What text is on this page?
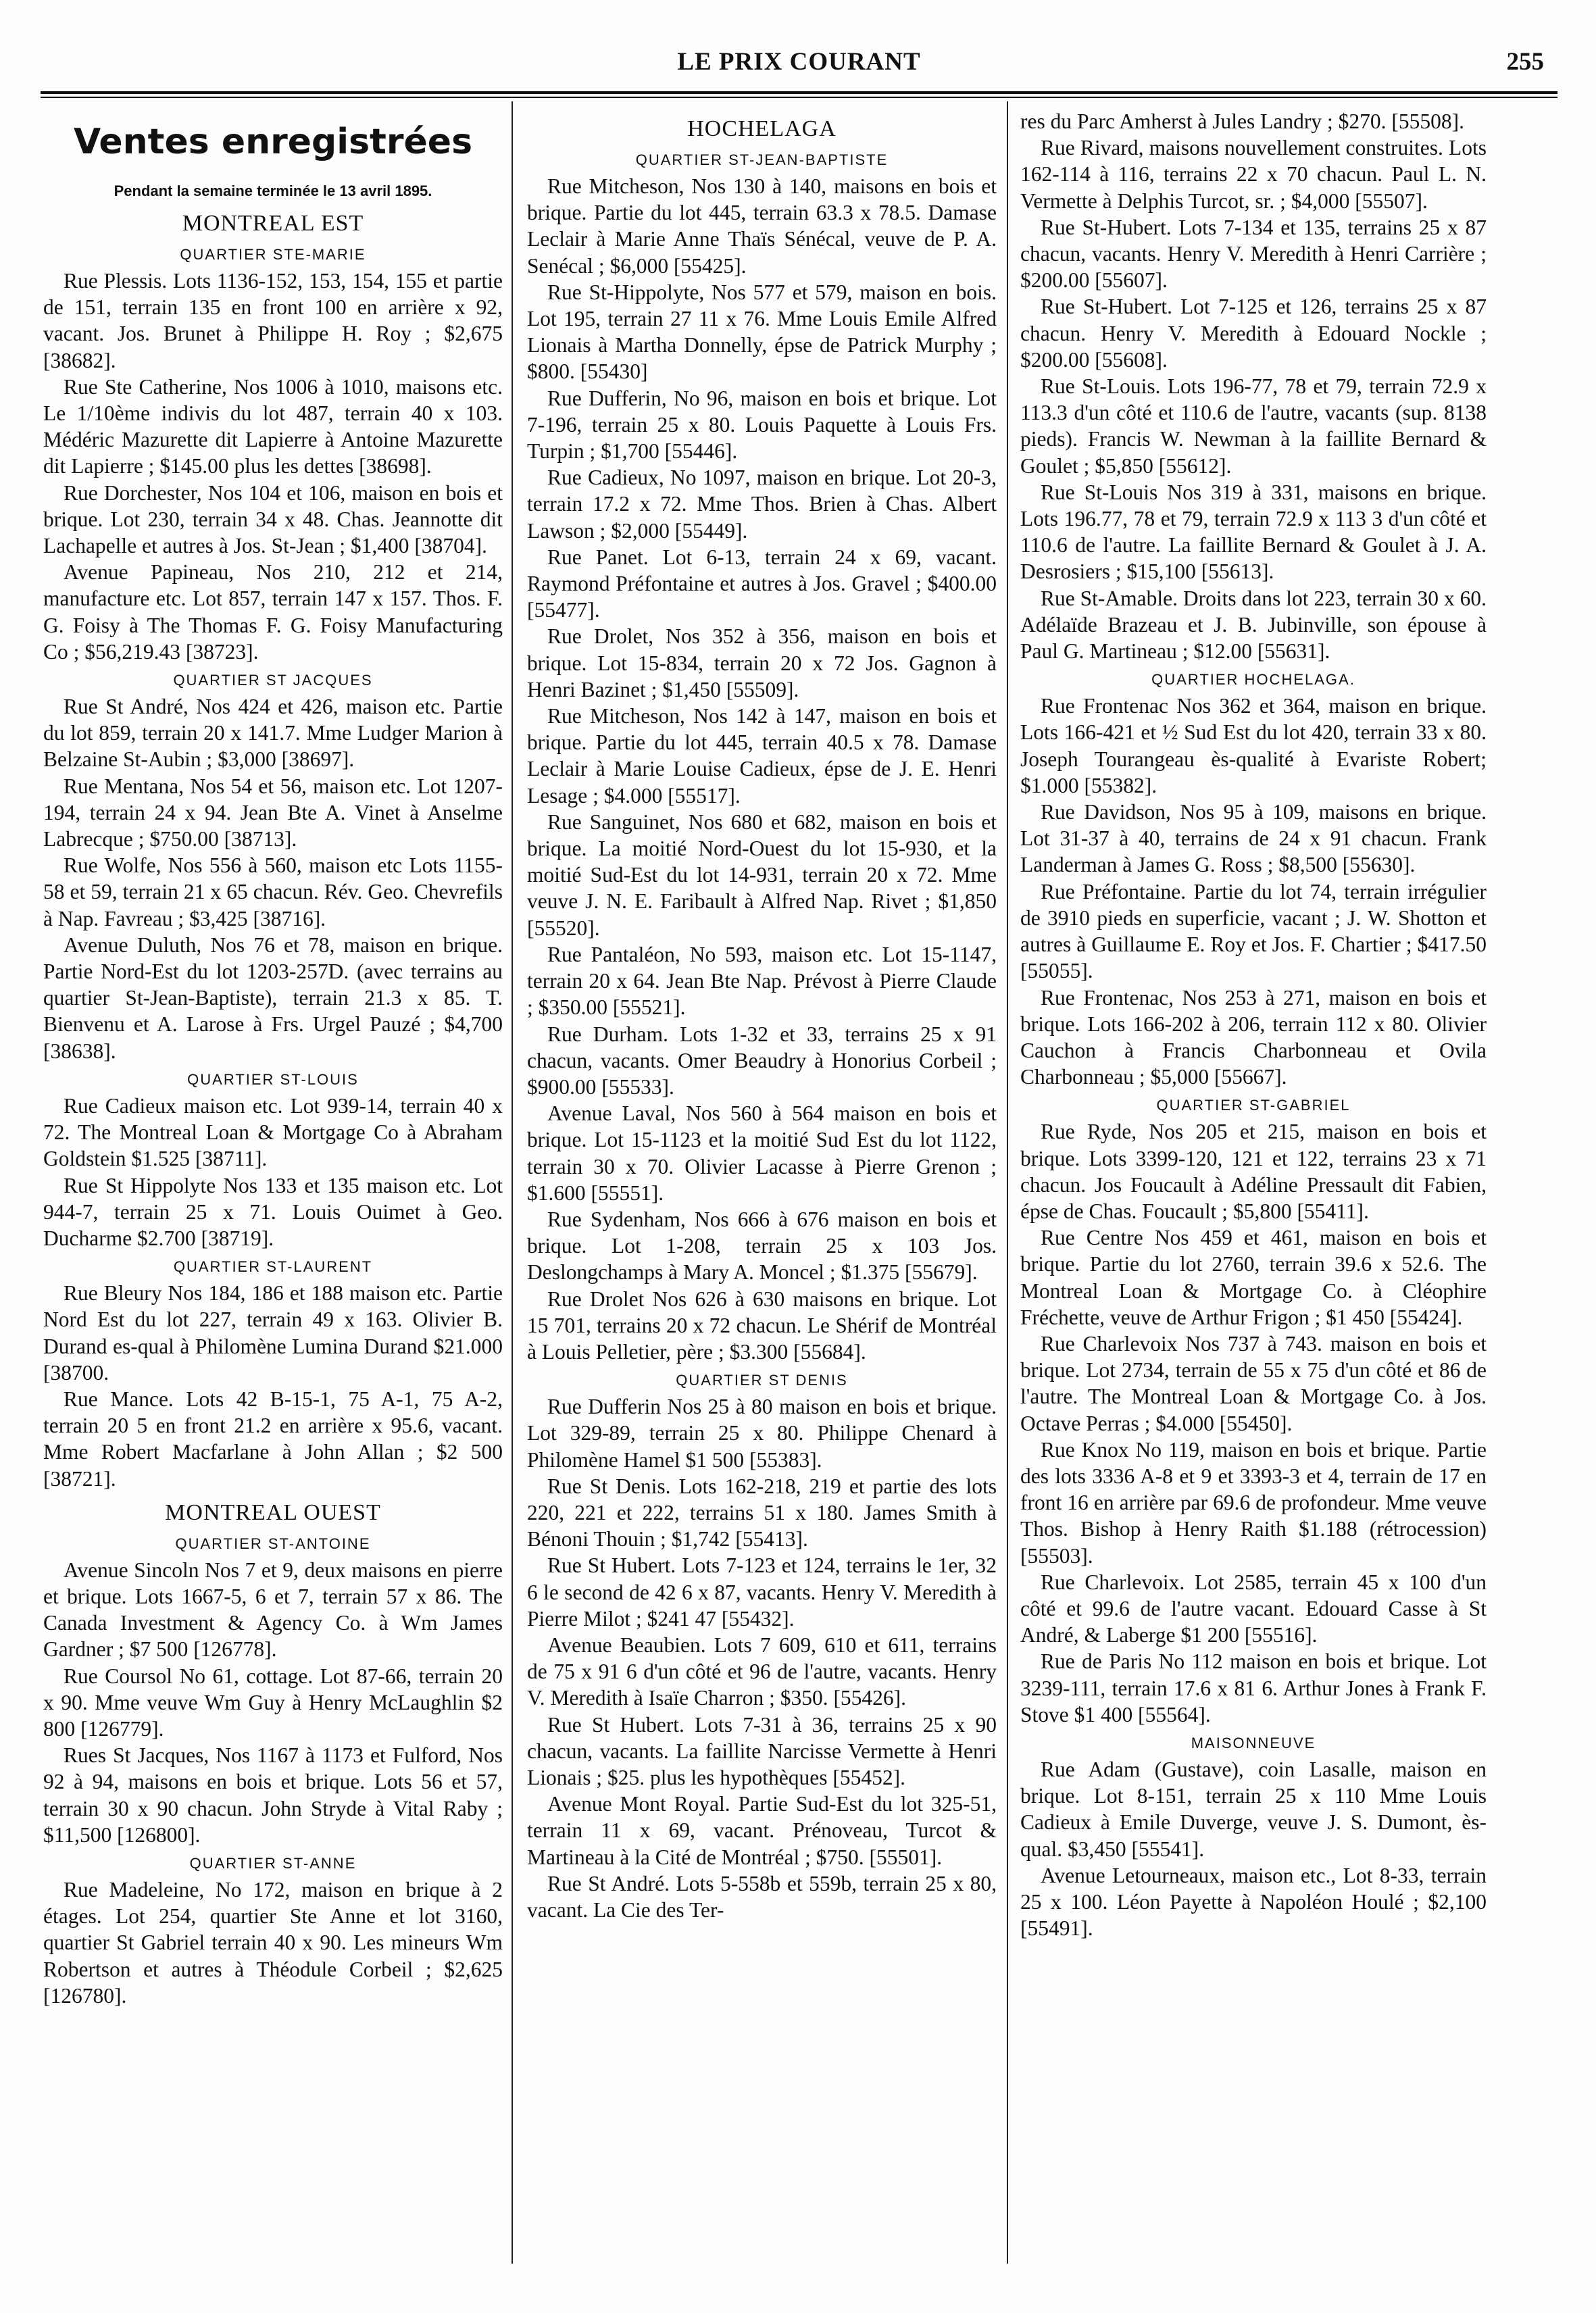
LE PRIX COURANT	255
Ventes enregistrées
Pendant la semaine terminée le 13 avril 1895.
MONTREAL EST
QUARTIER STE-MARIE
Rue Plessis. Lots 1136-152, 153, 154, 155 et partie de 151, terrain 135 en front 100 en arrière x 92, vacant. Jos. Brunet à Philippe H. Roy ; $2,675 [38682].
Rue Ste Catherine, Nos 1006 à 1010, maisons etc. Le 1/10ème indivis du lot 487, terrain 40 x 103. Médéric Mazurette dit Lapierre à Antoine Mazurette dit Lapierre ; $145.00 plus les dettes [38698].
Rue Dorchester, Nos 104 et 106, maison en bois et brique. Lot 230, terrain 34 x 48. Chas. Jeannotte dit Lachapelle et autres à Jos. St-Jean ; $1,400 [38704].
Avenue Papineau, Nos 210, 212 et 214, manufacture etc. Lot 857, terrain 147 x 157. Thos. F. G. Foisy à The Thomas F. G. Foisy Manufacturing Co ; $56,219.43 [38723].
QUARTIER ST JACQUES
Rue St André, Nos 424 et 426, maison etc. Partie du lot 859, terrain 20 x 141.7. Mme Ludger Marion à Belzaine St-Aubin ; $3,000 [38697].
Rue Mentana, Nos 54 et 56, maison etc. Lot 1207-194, terrain 24 x 94. Jean Bte A. Vinet à Anselme Labrecque ; $750.00 [38713].
Rue Wolfe, Nos 556 à 560, maison etc Lots 1155-58 et 59, terrain 21 x 65 chacun. Rév. Geo. Chevrefils à Nap. Favreau ; $3,425 [38716].
Avenue Duluth, Nos 76 et 78, maison en brique. Partie Nord-Est du lot 1203-257D. (avec terrains au quartier St-Jean-Baptiste), terrain 21.3 x 85. T. Bienvenu et A. Larose à Frs. Urgel Pauzé ; $4,700 [38638].
QUARTIER ST-LOUIS
Rue Cadieux maison etc. Lot 939-14, terrain 40 x 72. The Montreal Loan & Mortgage Co à Abraham Goldstein $1.525 [38711].
Rue St Hippolyte Nos 133 et 135 maison etc. Lot 944-7, terrain 25 x 71. Louis Ouimet à Geo. Ducharme $2.700 [38719].
QUARTIER ST-LAURENT
Rue Bleury Nos 184, 186 et 188 maison etc. Partie Nord Est du lot 227, terrain 49 x 163. Olivier B. Durand es-qual à Philomène Lumina Durand $21.000 [38700.
Rue Mance. Lots 42 B-15-1, 75 A-1, 75 A-2, terrain 20 5 en front 21.2 en arrière x 95.6, vacant. Mme Robert Macfarlane à John Allan ; $2 500 [38721].
MONTREAL OUEST
QUARTIER ST-ANTOINE
Avenue Sincoln Nos 7 et 9, deux maisons en pierre et brique. Lots 1667-5, 6 et 7, terrain 57 x 86. The Canada Investment & Agency Co. à Wm James Gardner ; $7 500 [126778].
Rue Coursol No 61, cottage. Lot 87-66, terrain 20 x 90. Mme veuve Wm Guy à Henry McLaughlin $2 800 [126779].
Rues St Jacques, Nos 1167 à 1173 et Fulford, Nos 92 à 94, maisons en bois et brique. Lots 56 et 57, terrain 30 x 90 chacun. John Stryde à Vital Raby ; $11,500 [126800].
QUARTIER ST-ANNE
Rue Madeleine, No 172, maison en brique à 2 étages. Lot 254, quartier Ste Anne et lot 3160, quartier St Gabriel terrain 40 x 90. Les mineurs Wm Robertson et autres à Théodule Corbeil ; $2,625 [126780].
HOCHELAGA
QUARTIER ST-JEAN-BAPTISTE
Rue Mitcheson, Nos 130 à 140, maisons en bois et brique. Partie du lot 445, terrain 63.3 x 78.5. Damase Leclair à Marie Anne Thaïs Sénécal, veuve de P. A. Senécal ; $6,000 [55425].
Rue St-Hippolyte, Nos 577 et 579, maison en bois. Lot 195, terrain 27 11 x 76. Mme Louis Emile Alfred Lionais à Martha Donnelly, épse de Patrick Murphy ; $800. [55430]
Rue Dufferin, No 96, maison en bois et brique. Lot 7-196, terrain 25 x 80. Louis Paquette à Louis Frs. Turpin ; $1,700 [55446].
Rue Cadieux, No 1097, maison en brique. Lot 20-3, terrain 17.2 x 72. Mme Thos. Brien à Chas. Albert Lawson ; $2,000 [55449].
Rue Panet. Lot 6-13, terrain 24 x 69, vacant. Raymond Préfontaine et autres à Jos. Gravel ; $400.00 [55477].
Rue Drolet, Nos 352 à 356, maison en bois et brique. Lot 15-834, terrain 20 x 72 Jos. Gagnon à Henri Bazinet ; $1,450 [55509].
Rue Mitcheson, Nos 142 à 147, maison en bois et brique. Partie du lot 445, terrain 40.5 x 78. Damase Leclair à Marie Louise Cadieux, épse de J. E. Henri Lesage ; $4.000 [55517].
Rue Sanguinet, Nos 680 et 682, maison en bois et brique. La moitié Nord-Ouest du lot 15-930, et la moitié Sud-Est du lot 14-931, terrain 20 x 72. Mme veuve J. N. E. Faribault à Alfred Nap. Rivet ; $1,850 [55520].
Rue Pantaléon, No 593, maison etc. Lot 15-1147, terrain 20 x 64. Jean Bte Nap. Prévost à Pierre Claude ; $350.00 [55521].
Rue Durham. Lots 1-32 et 33, terrains 25 x 91 chacun, vacants. Omer Beaudry à Honorius Corbeil ; $900.00 [55533].
Avenue Laval, Nos 560 à 564 maison en bois et brique. Lot 15-1123 et la moitié Sud Est du lot 1122, terrain 30 x 70. Olivier Lacasse à Pierre Grenon ; $1.600 [55551].
Rue Sydenham, Nos 666 à 676 maison en bois et brique. Lot 1-208, terrain 25 x 103 Jos. Deslongchamps à Mary A. Moncel ; $1.375 [55679].
Rue Drolet Nos 626 à 630 maisons en brique. Lot 15 701, terrains 20 x 72 chacun. Le Shérif de Montréal à Louis Pelletier, père ; $3.300 [55684].
QUARTIER ST DENIS
Rue Dufferin Nos 25 à 80 maison en bois et brique. Lot 329-89, terrain 25 x 80. Philippe Chenard à Philomène Hamel $1 500 [55383].
Rue St Denis. Lots 162-218, 219 et partie des lots 220, 221 et 222, terrains 51 x 180. James Smith à Bénoni Thouin ; $1,742 [55413].
Rue St Hubert. Lots 7-123 et 124, terrains le 1er, 32 6 le second de 42 6 x 87, vacants. Henry V. Meredith à Pierre Milot ; $241 47 [55432].
Avenue Beaubien. Lots 7 609, 610 et 611, terrains de 75 x 91 6 d'un côté et 96 de l'autre, vacants. Henry V. Meredith à Isaïe Charron ; $350. [55426].
Rue St Hubert. Lots 7-31 à 36, terrains 25 x 90 chacun, vacants. La faillite Narcisse Vermette à Henri Lionais ; $25. plus les hypothèques [55452].
Avenue Mont Royal. Partie Sud-Est du lot 325-51, terrain 11 x 69, vacant. Prénoveau, Turcot & Martineau à la Cité de Montréal ; $750. [55501].
Rue St André. Lots 5-558b et 559b, terrain 25 x 80, vacant. La Cie des Ter-
res du Parc Amherst à Jules Landry ; $270. [55508].
Rue Rivard, maisons nouvellement construites. Lots 162-114 à 116, terrains 22 x 70 chacun. Paul L. N. Vermette à Delphis Turcot, sr. ; $4,000 [55507].
Rue St-Hubert. Lots 7-134 et 135, terrains 25 x 87 chacun, vacants. Henry V. Meredith à Henri Carrière ; $200.00 [55607].
Rue St-Hubert. Lot 7-125 et 126, terrains 25 x 87 chacun. Henry V. Meredith à Edouard Nockle ; $200.00 [55608].
Rue St-Louis. Lots 196-77, 78 et 79, terrain 72.9 x 113.3 d'un côté et 110.6 de l'autre, vacants (sup. 8138 pieds). Francis W. Newman à la faillite Bernard & Goulet ; $5,850 [55612].
Rue St-Louis Nos 319 à 331, maisons en brique. Lots 196.77, 78 et 79, terrain 72.9 x 113 3 d'un côté et 110.6 de l'autre. La faillite Bernard & Goulet à J. A. Desrosiers ; $15,100 [55613].
Rue St-Amable. Droits dans lot 223, terrain 30 x 60. Adélaïde Brazeau et J. B. Jubinville, son épouse à Paul G. Martineau ; $12.00 [55631].
QUARTIER HOCHELAGA.
Rue Frontenac Nos 362 et 364, maison en brique. Lots 166-421 et ½ Sud Est du lot 420, terrain 33 x 80. Joseph Tourangeau ès-qualité à Evariste Robert; $1.000 [55382].
Rue Davidson, Nos 95 à 109, maisons en brique. Lot 31-37 à 40, terrains de 24 x 91 chacun. Frank Landerman à James G. Ross ; $8,500 [55630].
Rue Préfontaine. Partie du lot 74, terrain irrégulier de 3910 pieds en superficie, vacant ; J. W. Shotton et autres à Guillaume E. Roy et Jos. F. Chartier ; $417.50 [55055].
Rue Frontenac, Nos 253 à 271, maison en bois et brique. Lots 166-202 à 206, terrain 112 x 80. Olivier Cauchon à Francis Charbonneau et Ovila Charbonneau ; $5,000 [55667].
QUARTIER ST-GABRIEL
Rue Ryde, Nos 205 et 215, maison en bois et brique. Lots 3399-120, 121 et 122, terrains 23 x 71 chacun. Jos Foucault à Adéline Pressault dit Fabien, épse de Chas. Foucault ; $5,800 [55411].
Rue Centre Nos 459 et 461, maison en bois et brique. Partie du lot 2760, terrain 39.6 x 52.6. The Montreal Loan & Mortgage Co. à Cléophire Fréchette, veuve de Arthur Frigon ; $1 450 [55424].
Rue Charlevoix Nos 737 à 743. maison en bois et brique. Lot 2734, terrain de 55 x 75 d'un côté et 86 de l'autre. The Montreal Loan & Mortgage Co. à Jos. Octave Perras ; $4.000 [55450].
Rue Knox No 119, maison en bois et brique. Partie des lots 3336 A-8 et 9 et 3393-3 et 4, terrain de 17 en front 16 en arrière par 69.6 de profondeur. Mme veuve Thos. Bishop à Henry Raith $1.188 (rétrocession) [55503].
Rue Charlevoix. Lot 2585, terrain 45 x 100 d'un côté et 99.6 de l'autre vacant. Edouard Casse à St André, & Laberge $1 200 [55516].
Rue de Paris No 112 maison en bois et brique. Lot 3239-111, terrain 17.6 x 81 6. Arthur Jones à Frank F. Stove $1 400 [55564].
MAISONNEUVE
Rue Adam (Gustave), coin Lasalle, maison en brique. Lot 8-151, terrain 25 x 110 Mme Louis Cadieux à Emile Duverge, veuve J. S. Dumont, ès-qual. $3,450 [55541].
Avenue Letourneaux, maison etc., Lot 8-33, terrain 25 x 100. Léon Payette à Napoléon Houlé ; $2,100 [55491].
